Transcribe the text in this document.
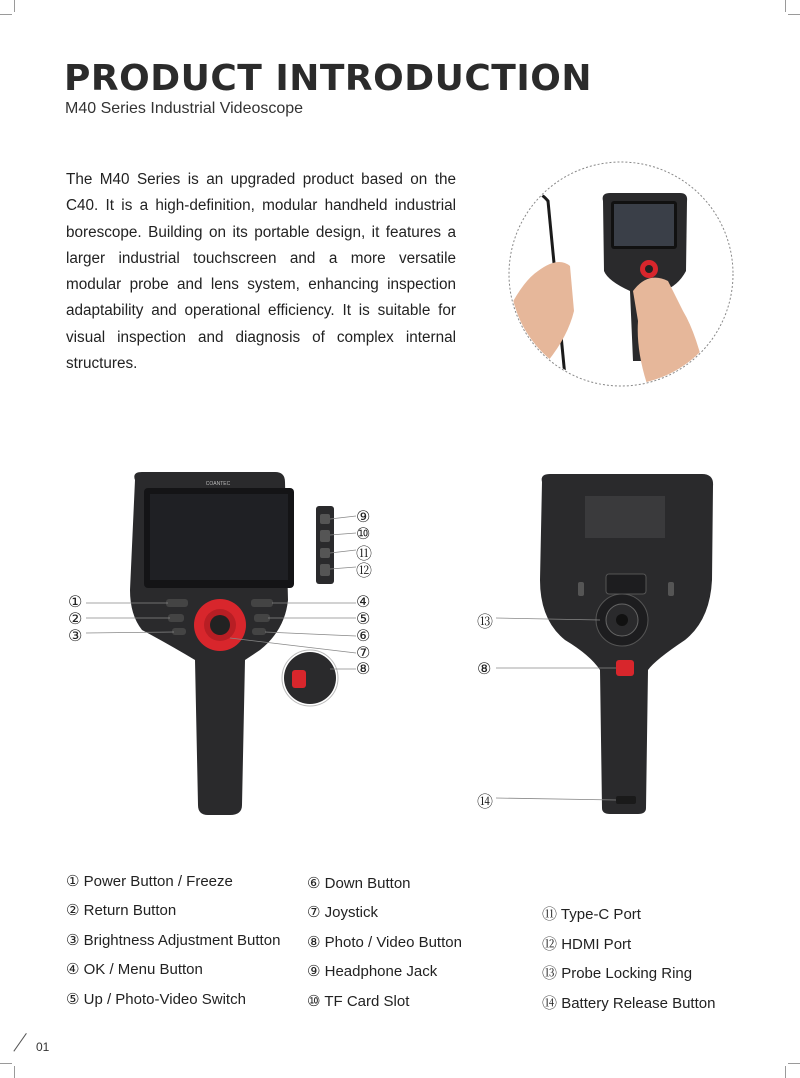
PRODUCT INTRODUCTION
M40 Series Industrial Videoscope

The M40 Series is an upgraded product based on the C40. It is a high-definition, modular handheld industrial borescope. Building on its portable design, it features a larger industrial touchscreen and a more versatile modular probe and lens system, enhancing inspection adaptability and operational efficiency. It is suitable for visual inspection and diagnosis of complex internal structures.

COANTEC
①
②
③
④
⑤
⑥
⑦
⑧
⑨
⑩
⑪
⑫
⑬
⑧
⑭
① Power Button / Freeze
② Return Button
③ Brightness Adjustment Button
④ OK / Menu Button
⑤ Up / Photo-Video Switch
⑥ Down Button
⑦ Joystick
⑧ Photo / Video Button
⑨ Headphone Jack
⑩ TF Card Slot
⑪ Type-C Port
⑫ HDMI Port
⑬ Probe Locking Ring
⑭ Battery Release Button
01
